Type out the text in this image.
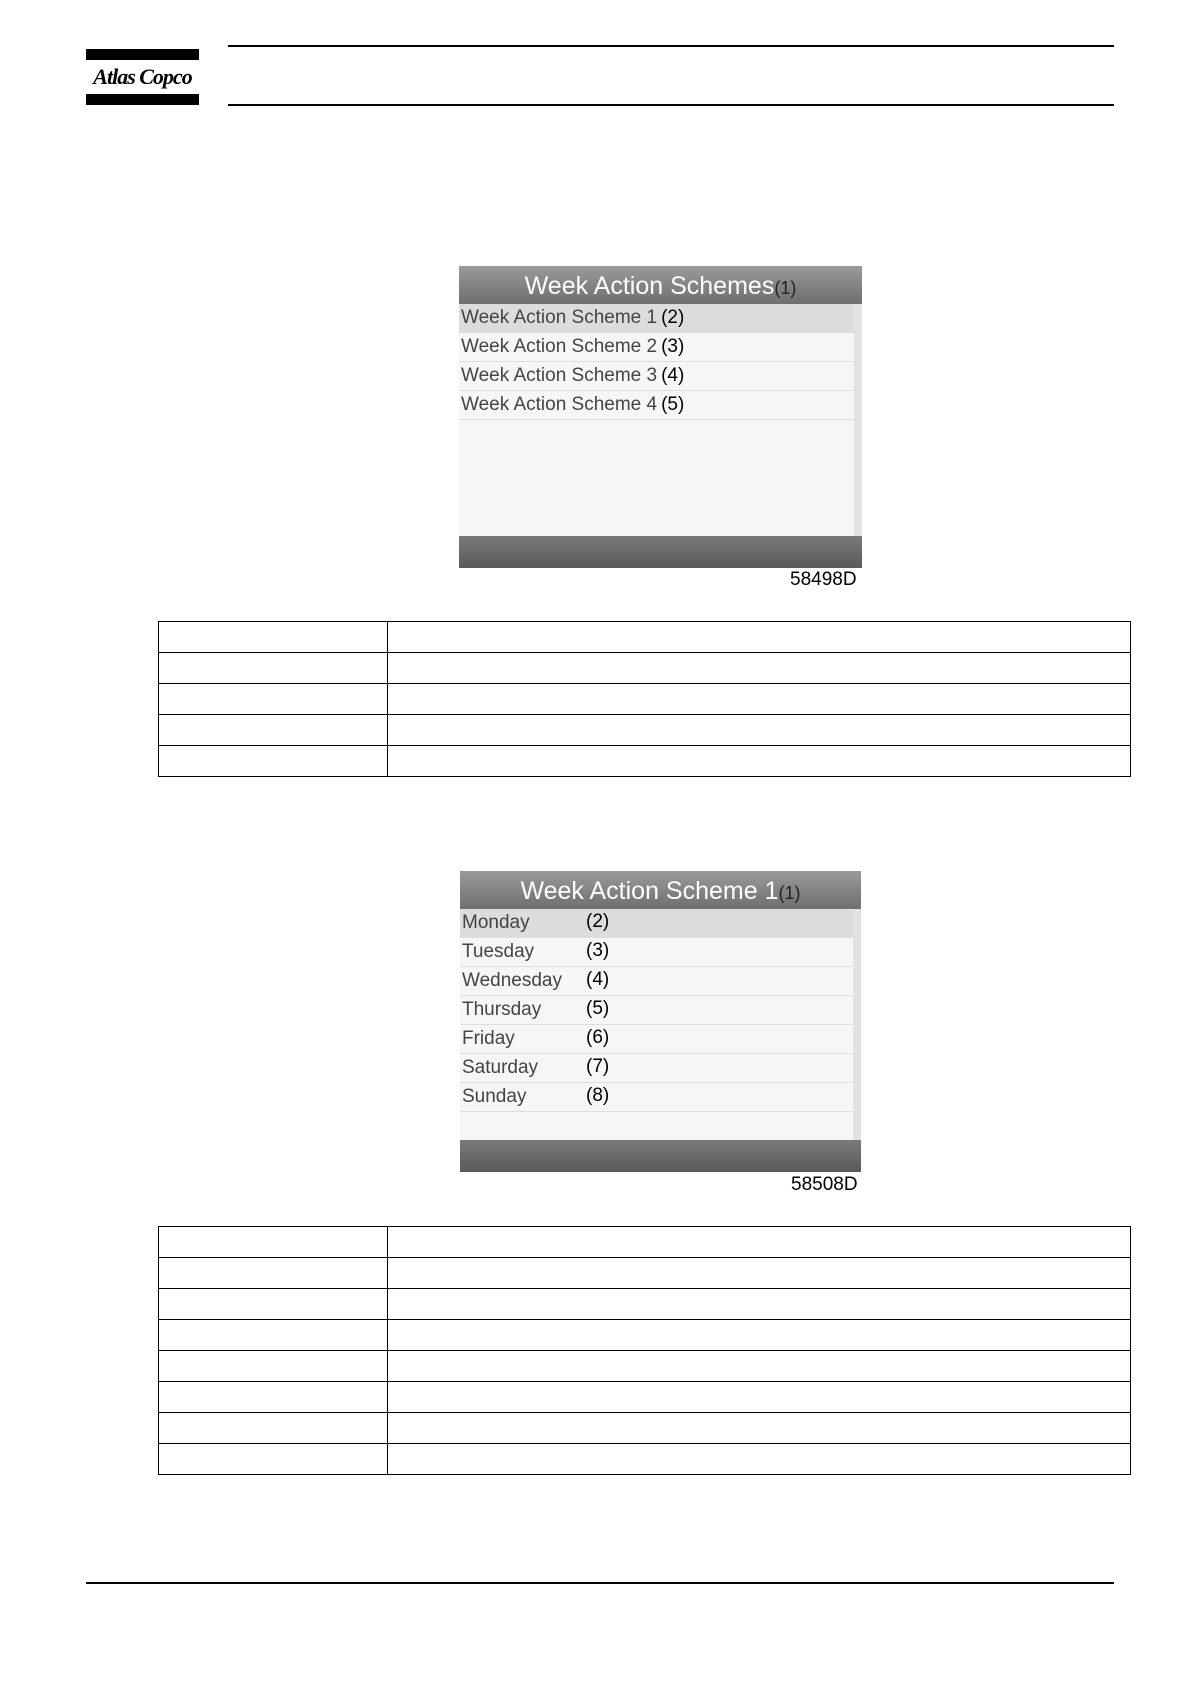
Atlas Copco
Week Action Schemes(1)
Week Action Scheme 1 (2)
Week Action Scheme 2 (3)
Week Action Scheme 3 (4)
Week Action Scheme 4 (5)
58498D

Week Action Scheme 1(1)
Monday	(2)
Tuesday	(3)
Wednesday (4)
Thursday (5)
Friday	(6)
Saturday	(7)
Sunday	(8)
58508D
